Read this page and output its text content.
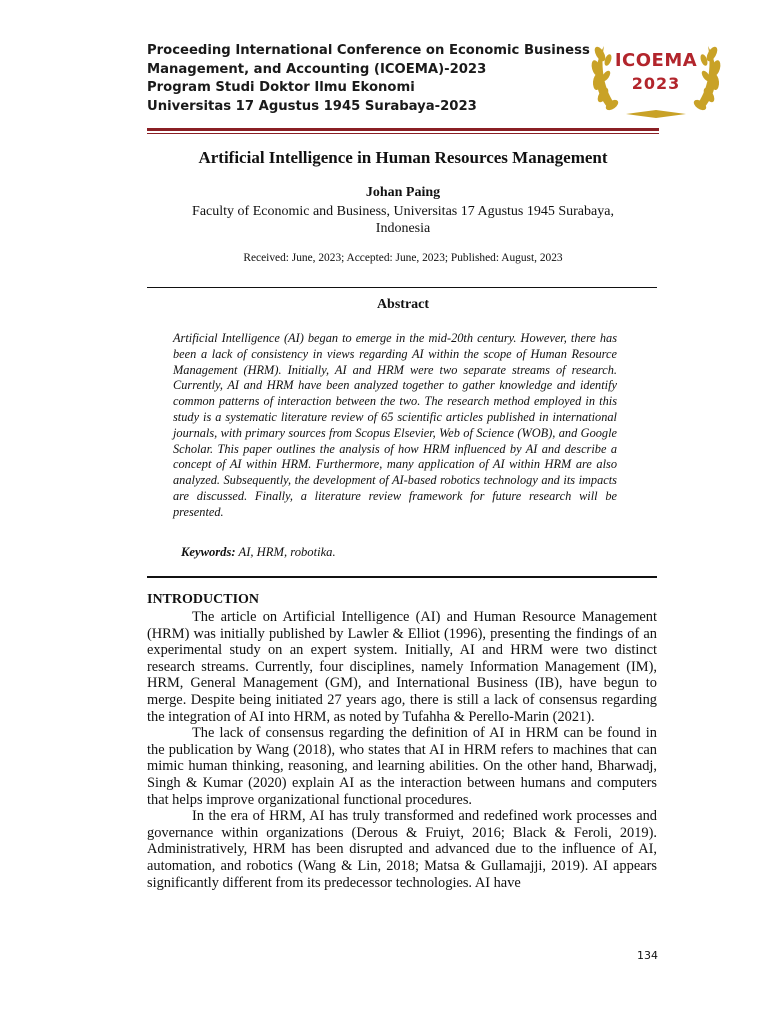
Proceeding International Conference on Economic Business
Management, and Accounting (ICOEMA)-2023
Program Studi Doktor Ilmu Ekonomi
Universitas 17 Agustus 1945 Surabaya-2023
ICOEMA
2023
Artificial Intelligence in Human Resources Management
Johan Paing
Faculty of Economic and Business, Universitas 17 Agustus 1945 Surabaya,
Indonesia
Received: June, 2023; Accepted: June, 2023; Published: August, 2023
Abstract
Artificial Intelligence (AI) began to emerge in the mid-20th century. However, there has been a lack of consistency in views regarding AI within the scope of Human Resource Management (HRM). Initially, AI and HRM were two separate streams of research. Currently, AI and HRM have been analyzed together to gather knowledge and identify common patterns of interaction between the two. The research method employed in this study is a systematic literature review of 65 scientific articles published in international journals, with primary sources from Scopus Elsevier, Web of Science (WOB), and Google Scholar. This paper outlines the analysis of how HRM influenced by AI and describe a concept of AI within HRM. Furthermore, many application of AI within HRM are also analyzed. Subsequently, the development of AI-based robotics technology and its impacts are discussed. Finally, a literature review framework for future research will be presented.
Keywords: AI, HRM, robotika.
INTRODUCTION

The article on Artificial Intelligence (AI) and Human Resource Management (HRM) was initially published by Lawler & Elliot (1996), presenting the findings of an experimental study on an expert system. Initially, AI and HRM were two distinct research streams. Currently, four disciplines, namely Information Management (IM), HRM, General Management (GM), and International Business (IB), have begun to merge. Despite being initiated 27 years ago, there is still a lack of consensus regarding the integration of AI into HRM, as noted by Tufahha & Perello-Marin (2021).

The lack of consensus regarding the definition of AI in HRM can be found in the publication by Wang (2018), who states that AI in HRM refers to machines that can mimic human thinking, reasoning, and learning abilities. On the other hand, Bharwadj, Singh & Kumar (2020) explain AI as the interaction between humans and computers that helps improve organizational functional procedures.

In the era of HRM, AI has truly transformed and redefined work processes and governance within organizations (Derous & Fruiyt, 2016; Black & Feroli, 2019). Administratively, HRM has been disrupted and advanced due to the influence of AI, automation, and robotics (Wang & Lin, 2018; Matsa & Gullamajji, 2019). AI appears significantly different from its predecessor technologies. AI have

134
